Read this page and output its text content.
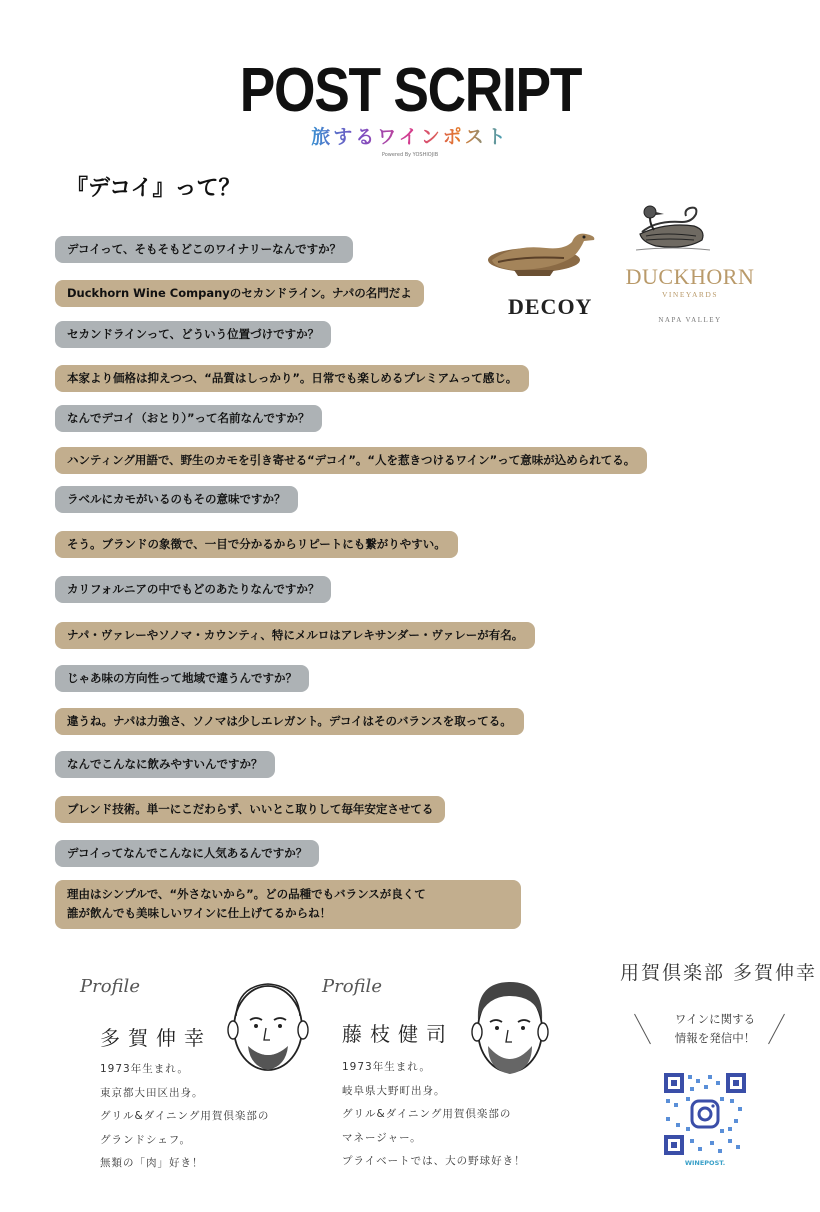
POST SCRIPT
旅するワインポスト
Powered By YOSHIOJIB
『デコイ』って？
デコイって、そもそもどこのワイナリーなんですか？
Duckhorn Wine Companyのセカンドライン。ナパの名門だよ
セカンドラインって、どういう位置づけですか？
本家より価格は抑えつつ、“品質はしっかり”。日常でも楽しめるプレミアムって感じ。
なんでデコイ（おとり）”って名前なんですか？
ハンティング用語で、野生のカモを引き寄せる“デコイ”。“人を惹きつけるワイン”って意味が込められてる。
ラベルにカモがいるのもその意味ですか？
そう。ブランドの象徴で、一目で分かるからリピートにも繋がりやすい。
カリフォルニアの中でもどのあたりなんですか？
ナパ・ヴァレーやソノマ・カウンティ、特にメルロはアレキサンダー・ヴァレーが有名。
じゃあ味の方向性って地域で違うんですか？
違うね。ナパは力強さ、ソノマは少しエレガント。デコイはそのバランスを取ってる。
なんでこんなに飲みやすいんですか？
ブレンド技術。単一にこだわらず、いいとこ取りして毎年安定させてる
デコイってなんでこんなに人気あるんですか？
理由はシンプルで、“外さないから”。どの品種でもバランスが良くて
誰が飲んでも美味しいワインに仕上げてるからね！
DECOY
DUCKHORN
VINEYARDS
NAPA VALLEY
Profile
多賀伸幸
1973年生まれ。
東京都大田区出身。
グリル&ダイニング用賀倶楽部の
グランドシェフ。
無類の「肉」好き！
Profile
藤枝健司
1973年生まれ。
岐阜県大野町出身。
グリル&ダイニング用賀倶楽部の
マネージャー。
プライベートでは、大の野球好き！
用賀倶楽部 多賀伸幸
ワインに関する
情報を発信中！
WINEPOST.
